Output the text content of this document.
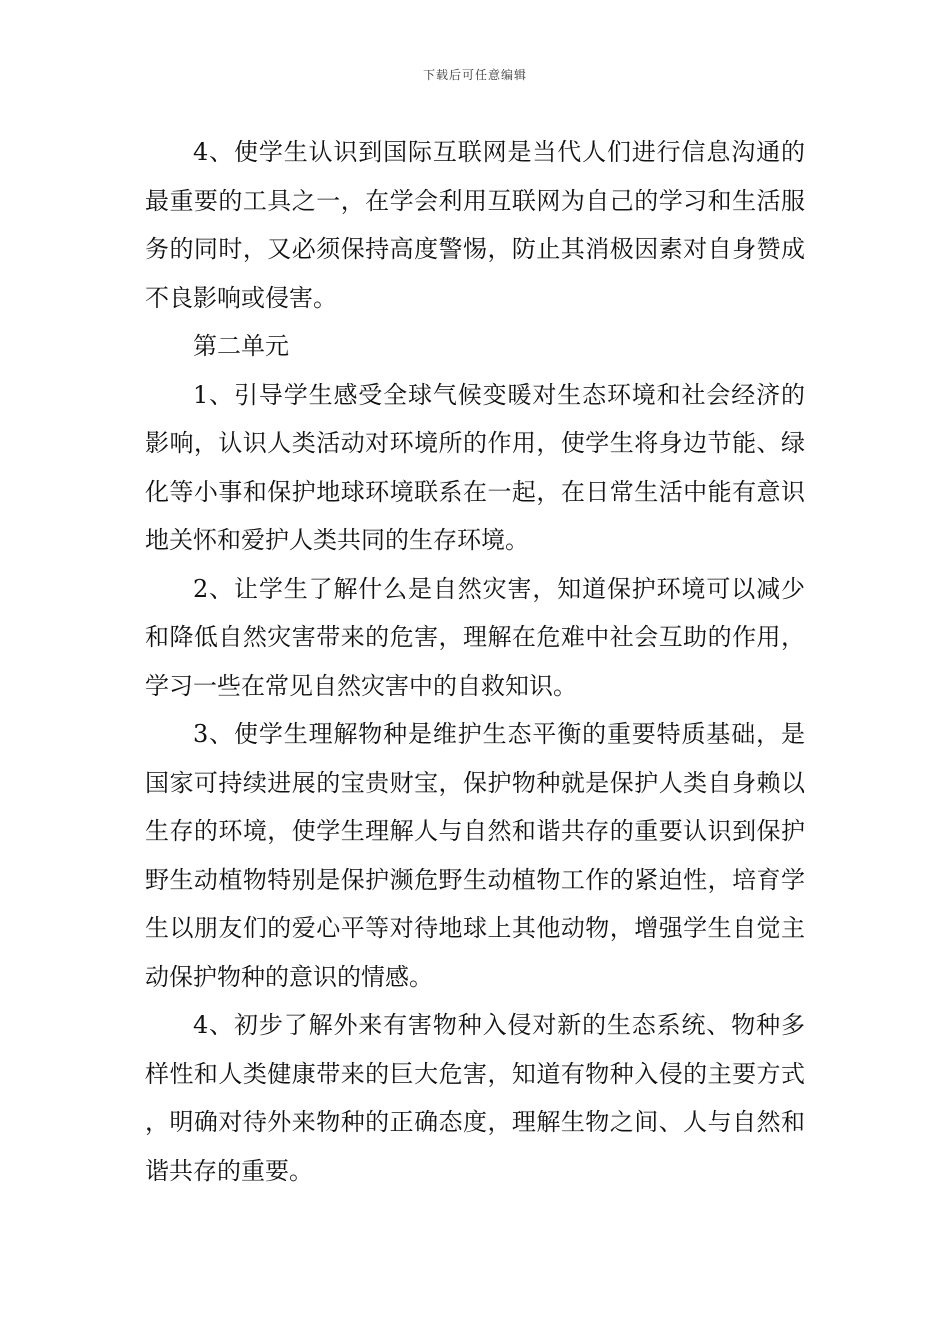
下载后可任意编辑

4、使学生认识到国际互联网是当代人们进行信息沟通的最重要的工具之一，在学会利用互联网为自己的学习和生活服务的同时，又必须保持高度警惕，防止其消极因素对自身赞成不良影响或侵害。

第二单元

1、引导学生感受全球气候变暖对生态环境和社会经济的影响，认识人类活动对环境所的作用，使学生将身边节能、绿化等小事和保护地球环境联系在一起，在日常生活中能有意识地关怀和爱护人类共同的生存环境。

2、让学生了解什么是自然灾害，知道保护环境可以减少和降低自然灾害带来的危害，理解在危难中社会互助的作用，学习一些在常见自然灾害中的自救知识。

3、使学生理解物种是维护生态平衡的重要特质基础，是国家可持续进展的宝贵财宝，保护物种就是保护人类自身赖以生存的环境，使学生理解人与自然和谐共存的重要认识到保护野生动植物特别是保护濒危野生动植物工作的紧迫性，培育学生以朋友们的爱心平等对待地球上其他动物，增强学生自觉主动保护物种的意识的情感。

4、初步了解外来有害物种入侵对新的生态系统、物种多样性和人类健康带来的巨大危害，知道有物种入侵的主要方式，明确对待外来物种的正确态度，理解生物之间、人与自然和谐共存的重要。
